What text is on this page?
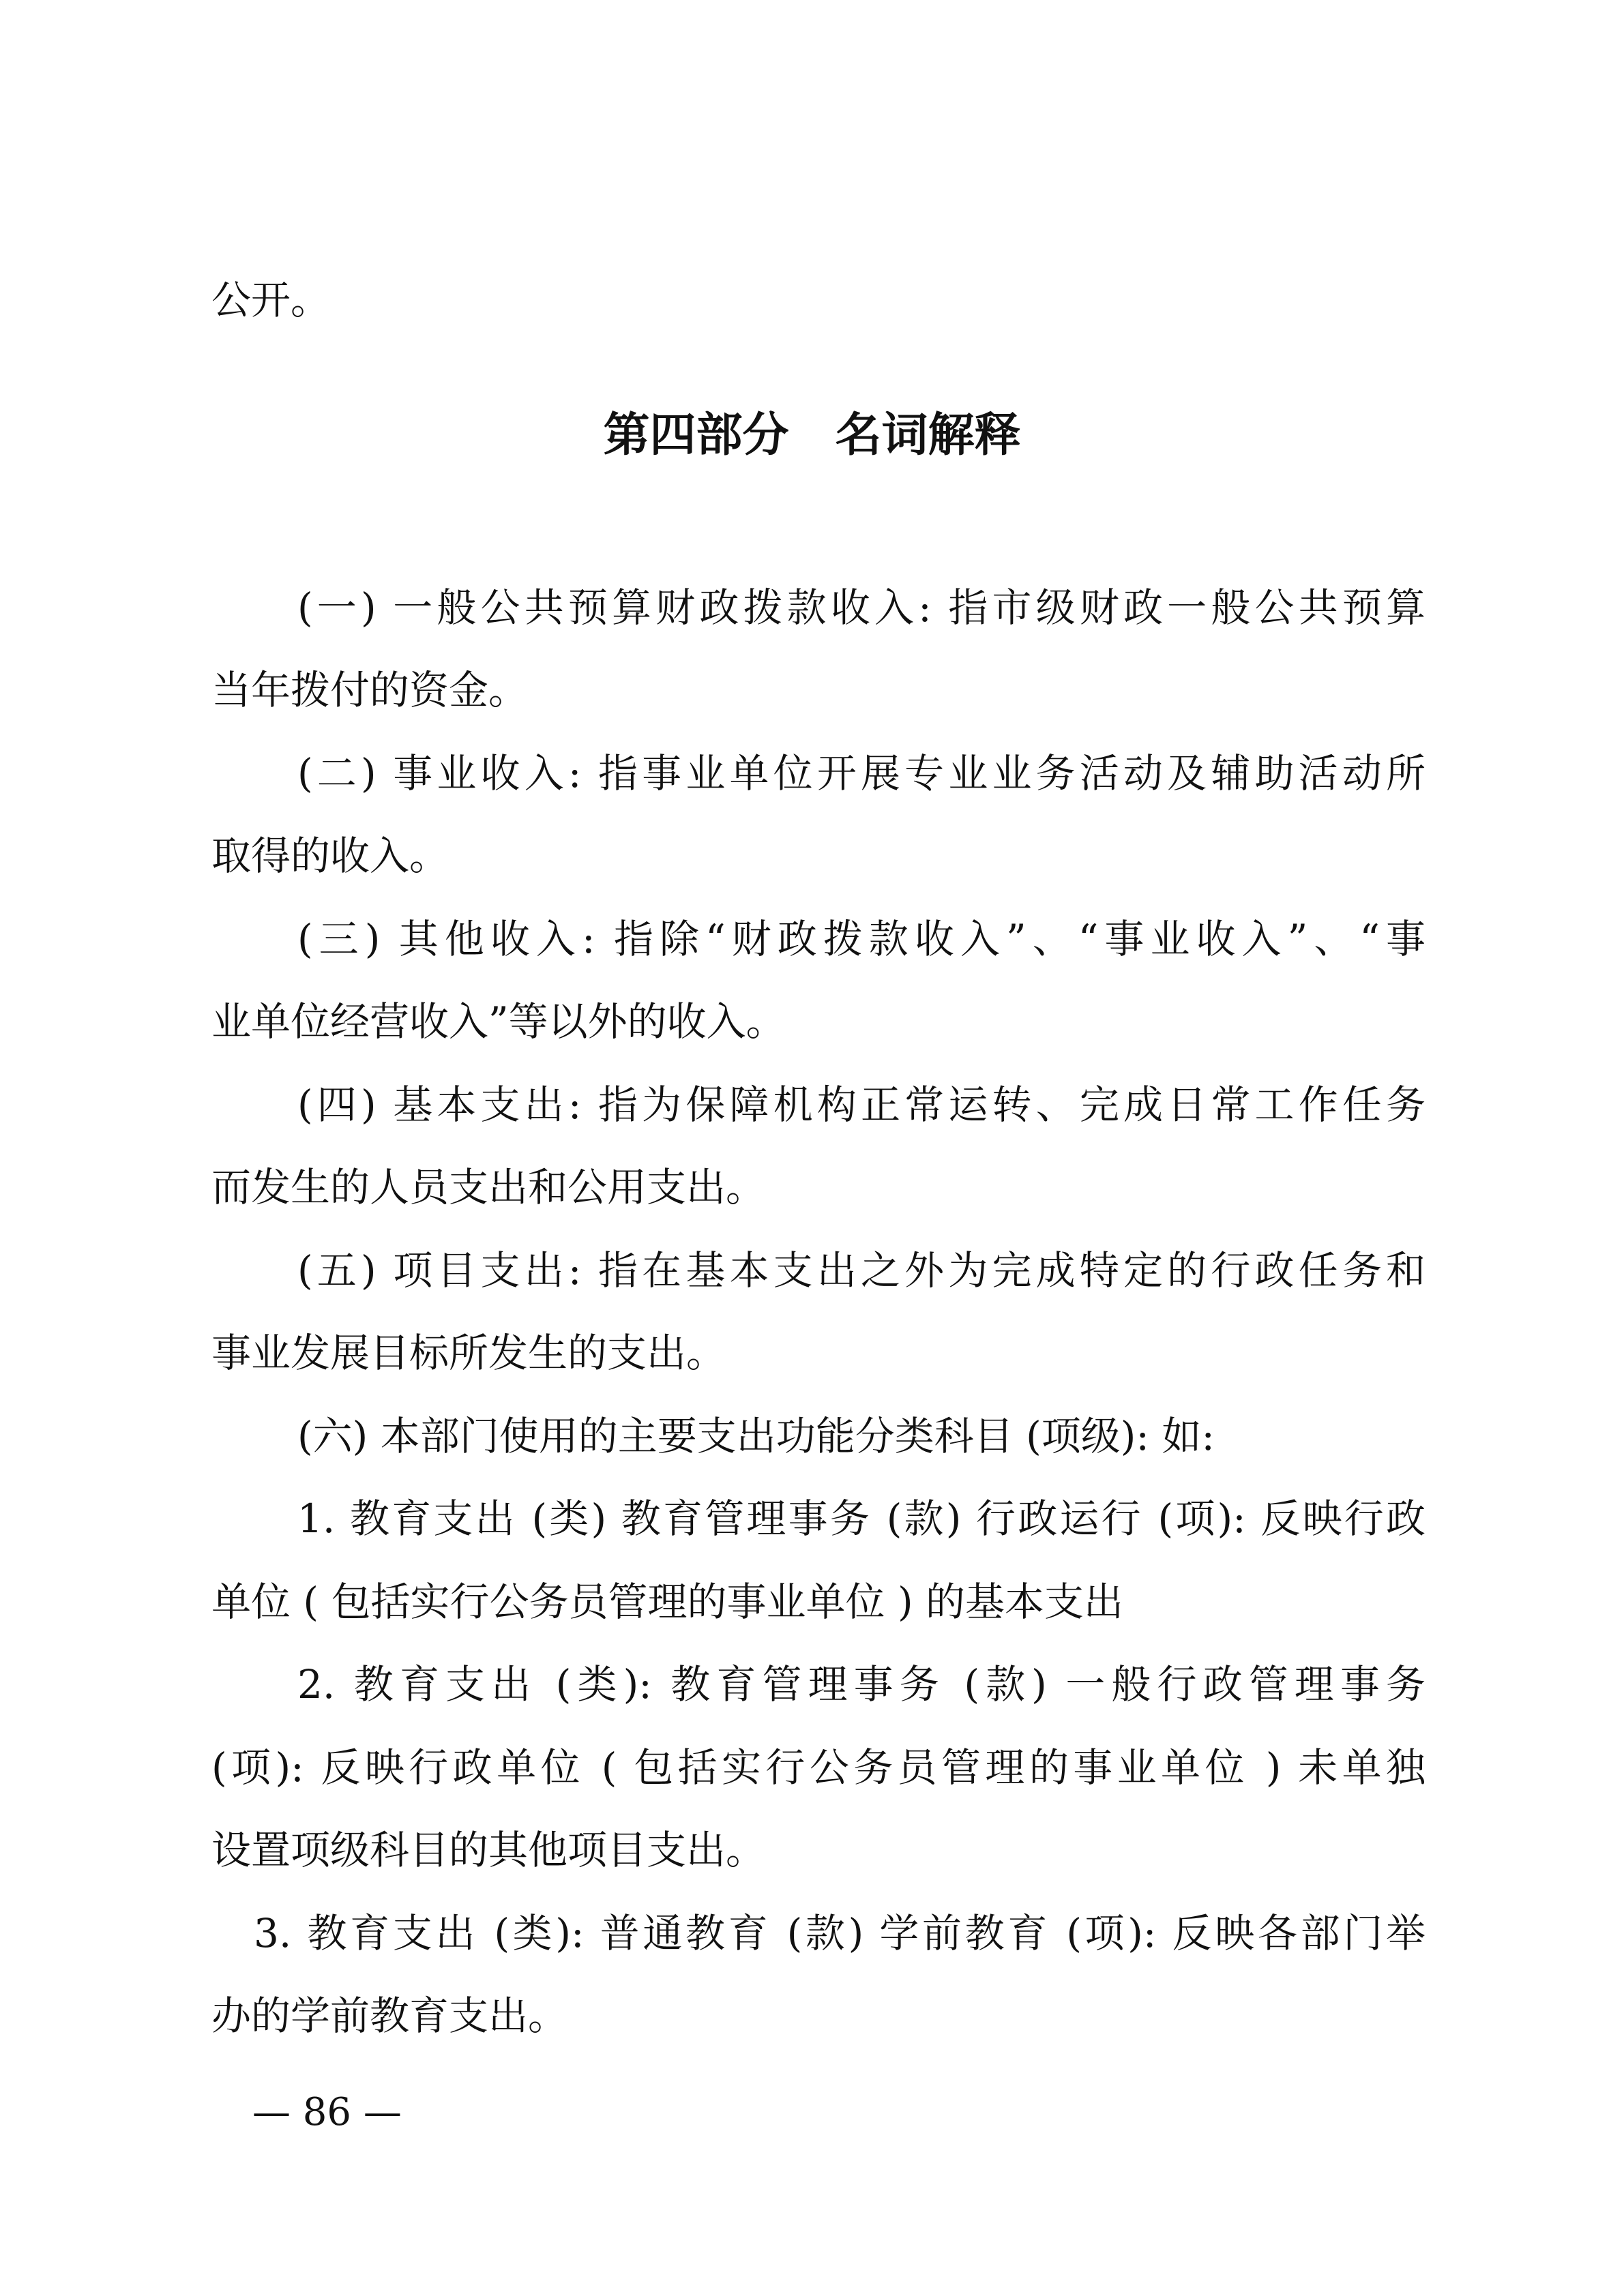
公开。
第四部分　名词解释
(一) 一般公共预算财政拨款收入: 指市级财政一般公共预算
当年拨付的资金。
(二) 事业收入: 指事业单位开展专业业务活动及辅助活动所
取得的收入。
(三) 其他收入: 指除“财政拨款收入”、“事业收入”、“事
业单位经营收入”等以外的收入。
(四) 基本支出: 指为保障机构正常运转、完成日常工作任务
而发生的人员支出和公用支出。
(五) 项目支出: 指在基本支出之外为完成特定的行政任务和
事业发展目标所发生的支出。
(六) 本部门使用的主要支出功能分类科目 (项级): 如:
1. 教育支出 (类) 教育管理事务 (款) 行政运行 (项): 反映行政
单位 ( 包括实行公务员管理的事业单位 ) 的基本支出
2. 教育支出 (类): 教育管理事务 (款) 一般行政管理事务
(项): 反映行政单位 ( 包括实行公务员管理的事业单位 ) 未单独
设置项级科目的其他项目支出。
3. 教育支出 (类): 普通教育 (款) 学前教育 (项): 反映各部门举
办的学前教育支出。
— 86 —
